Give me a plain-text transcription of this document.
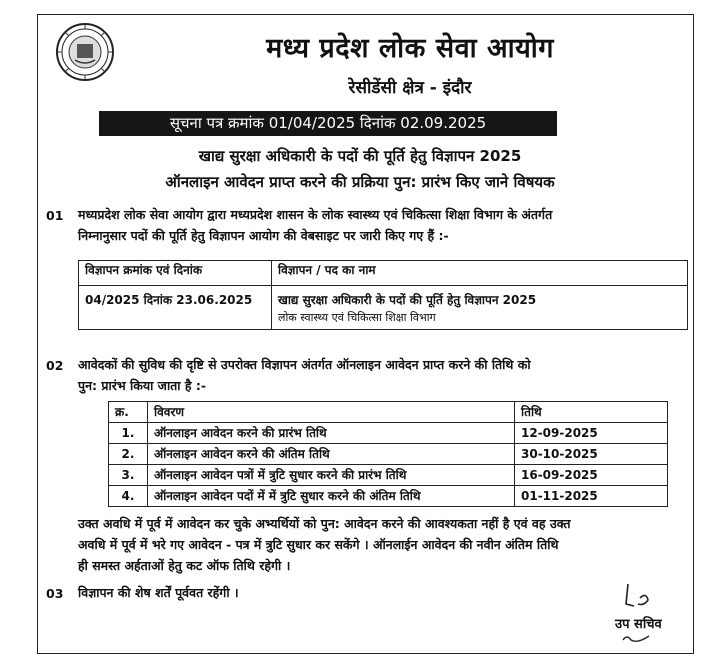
मध्य प्रदेश लोक सेवा आयोग
रेसीडेंसी क्षेत्र - इंदौर
सूचना पत्र क्रमांक 01/04/2025 दिनांक 02.09.2025
खाद्य सुरक्षा अधिकारी के पदों की पूर्ति हेतु विज्ञापन 2025
ऑनलाइन आवेदन प्राप्त करने की प्रक्रिया पुन: प्रारंभ किए जाने विषयक
01 मध्यप्रदेश लोक सेवा आयोग द्वारा मध्यप्रदेश शासन के लोक स्वास्थ्य एवं चिकित्सा शिक्षा विभाग के अंतर्गत
निम्नानुसार पदों की पूर्ति हेतु विज्ञापन आयोग की वेबसाइट पर जारी किए गए हैं :-
विज्ञापन क्रमांक एवं दिनांक	विज्ञापन / पद का नाम
04/2025 दिनांक 23.06.2025	खाद्य सुरक्षा अधिकारी के पदों की पूर्ति हेतु विज्ञापन 2025
लोक स्वास्थ्य एवं चिकित्सा शिक्षा विभाग
02 आवेदकों की सुविध की दृष्टि से उपरोक्त विज्ञापन अंतर्गत ऑनलाइन आवेदन प्राप्त करने की तिथि को
पुन: प्रारंभ किया जाता है :-
क्र.	विवरण	तिथि
1.	ऑनलाइन आवेदन करने की प्रारंभ तिथि	12-09-2025
2.	ऑनलाइन आवेदन करने की अंतिम तिथि	30-10-2025
3.	ऑनलाइन आवेदन पत्रों में त्रुटि सुधार करने की प्रारंभ तिथि	16-09-2025
4.	ऑनलाइन आवेदन पदों में में त्रुटि सुधार करने की अंतिम तिथि	01-11-2025
उक्त अवधि में पूर्व में आवेदन कर चुके अभ्यर्थियों को पुन: आवेदन करने की आवश्यकता नहीं है एवं वह उक्त
अवधि में पूर्व में भरे गए आवेदन - पत्र में त्रुटि सुधार कर सकेंगे । ऑनलाईन आवेदन की नवीन अंतिम तिथि
ही समस्त अर्हताओं हेतु कट ऑफ तिथि रहेगी ।
03 विज्ञापन की शेष शर्तें पूर्ववत रहेंगी ।
उप सचिव
